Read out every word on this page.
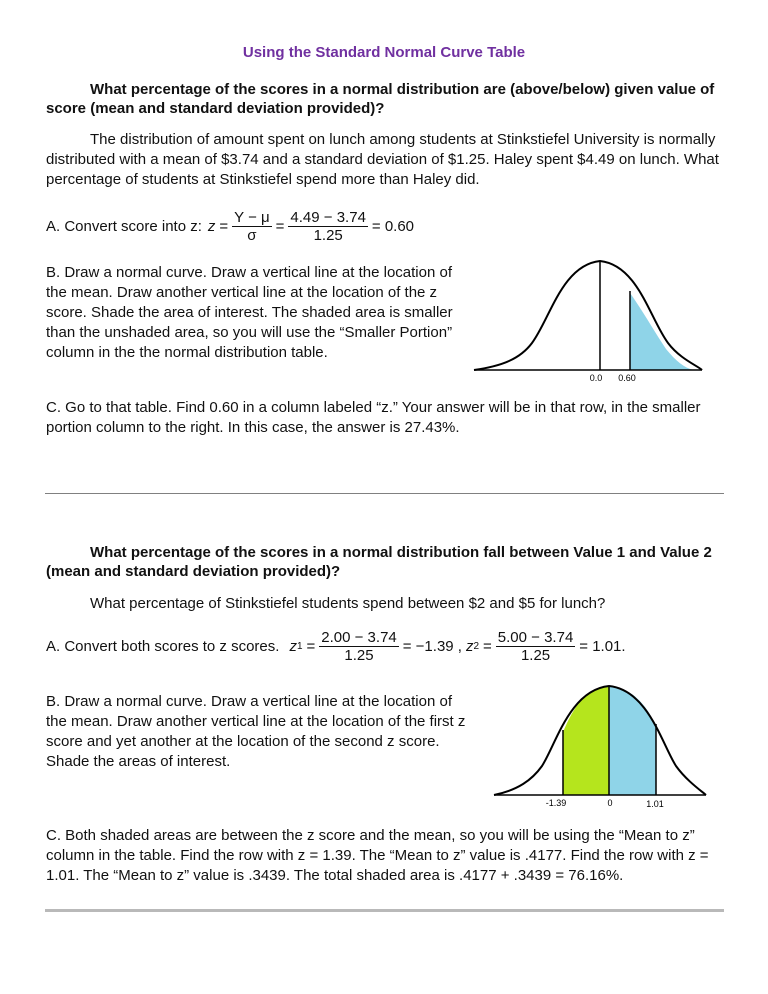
Using the Standard Normal Curve Table
What percentage of the scores in a normal distribution are (above/below) given value of score (mean and standard deviation provided)?
The distribution of amount spent on lunch among students at Stinkstiefel University is normally distributed with a mean of $3.74 and a standard deviation of $1.25. Haley spent $4.49 on lunch. What percentage of students at Stinkstiefel spend more than Haley did.
A. Convert score into z: $z = \frac{Y - \mu}{\sigma} = \frac{4.49 - 3.74}{1.25} = 0.60$
B. Draw a normal curve. Draw a vertical line at the location of the mean. Draw another vertical line at the location of the z score. Shade the area of interest. The shaded area is smaller than the unshaded area, so you will use the “Smaller Portion” column in the the normal distribution table.
0.0 0.60
C. Go to that table. Find 0.60 in a column labeled “z.” Your answer will be in that row, in the smaller portion column to the right. In this case, the answer is 27.43%.
What percentage of the scores in a normal distribution fall between Value 1 and Value 2 (mean and standard deviation provided)?
What percentage of Stinkstiefel students spend between $2 and $5 for lunch?
A. Convert both scores to z scores. z $1 = \frac{2.00 - 3.74}{1.25} = -1.39$ , z $2 = \frac{5.00 - 3.74}{1.25} = 1.01$.
B. Draw a normal curve. Draw a vertical line at the location of the mean. Draw another vertical line at the location of the first z score and yet another at the location of the second z score. Shade the areas of interest.
-1.39	0	1.01
C. Both shaded areas are between the z score and the mean, so you will be using the “Mean to z” column in the table. Find the row with z = 1.39. The “Mean to z” value is .4177. Find the row with z = 1.01. The “Mean to z” value is .3439. The total shaded area is .4177 + .3439 = 76.16%.
